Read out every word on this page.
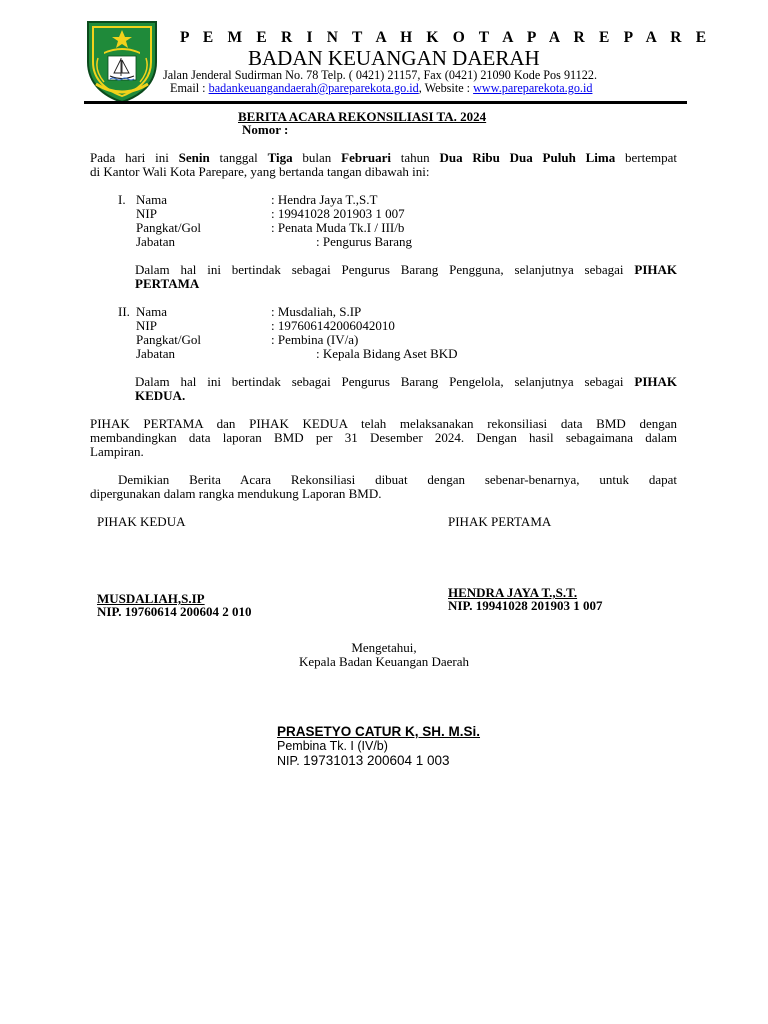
P E M E R I N T A H K O T A P A R E P A R E
BADAN KEUANGAN DAERAH
Jalan Jenderal Sudirman No. 78 Telp. ( 0421) 21157, Fax (0421) 21090 Kode Pos 91122.
Email : badankeuangandaerah@pareparekota.go.id, Website : www.pareparekota.go.id
BERITA ACARA REKONSILIASI TA. 2024
Nomor :
Pada hari ini Senin tanggal Tiga bulan Februari tahun Dua Ribu Dua Puluh Lima bertempat
di Kantor Wali Kota Parepare, yang bertanda tangan dibawah ini:
I. Nama	: Hendra Jaya T.,S.T
NIP	: 19941028 201903 1 007
Pangkat/Gol	: Penata Muda Tk.I / III/b
Jabatan	: Pengurus Barang
Dalam hal ini bertindak sebagai Pengurus Barang Pengguna, selanjutnya sebagai PIHAK
PERTAMA
II. Nama	: Musdaliah, S.IP
NIP	: 197606142006042010
Pangkat/Gol	: Pembina (IV/a)
Jabatan	: Kepala Bidang Aset BKD
Dalam hal ini bertindak sebagai Pengurus Barang Pengelola, selanjutnya sebagai PIHAK
KEDUA.
PIHAK PERTAMA dan PIHAK KEDUA telah melaksanakan rekonsiliasi data BMD dengan
membandingkan data laporan BMD per 31 Desember 2024. Dengan hasil sebagaimana dalam
Lampiran.
Demikian Berita Acara Rekonsiliasi dibuat dengan sebenar-benarnya, untuk dapat
dipergunakan dalam rangka mendukung Laporan BMD.
PIHAK KEDUA	PIHAK PERTAMA
MUSDALIAH,S.IP
NIP. 19760614 200604 2 010
HENDRA JAYA T.,S.T.
NIP. 19941028 201903 1 007
Mengetahui,
Kepala Badan Keuangan Daerah
PRASETYO CATUR K, SH. M.Si.
Pembina Tk. I (IV/b)
NIP. 19731013 200604 1 003
